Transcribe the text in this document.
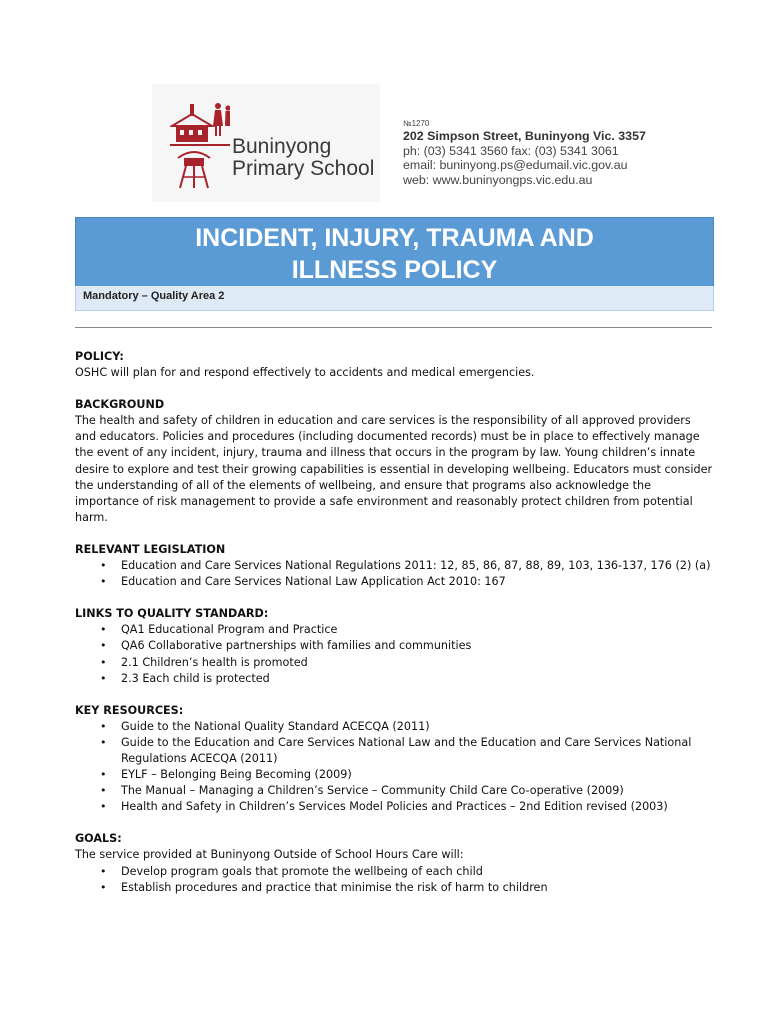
Buninyong
Primary School
№1270
202 Simpson Street, Buninyong Vic. 3357
ph: (03) 5341 3560 fax: (03) 5341 3061
email: buninyong.ps@edumail.vic.gov.au
web: www.buninyongps.vic.edu.au
INCIDENT, INJURY, TRAUMA AND
ILLNESS POLICY
Mandatory – Quality Area 2
POLICY:

OSHC will plan for and respond effectively to accidents and medical emergencies.

BACKGROUND

The health and safety of children in education and care services is the responsibility of all approved providers and educators. Policies and procedures (including documented records) must be in place to effectively manage the event of any incident, injury, trauma and illness that occurs in the program by law. Young children’s innate desire to explore and test their growing capabilities is essential in developing wellbeing. Educators must consider the understanding of all of the elements of wellbeing, and ensure that programs also acknowledge the importance of risk management to provide a safe environment and reasonably protect children from potential harm.

RELEVANT LEGISLATION
• Education and Care Services National Regulations 2011: 12, 85, 86, 87, 88, 89, 103, 136-137, 176 (2) (a)
• Education and Care Services National Law Application Act 2010: 167
LINKS TO QUALITY STANDARD:
• QA1 Educational Program and Practice
• QA6 Collaborative partnerships with families and communities
• 2.1 Children’s health is promoted
• 2.3 Each child is protected
KEY RESOURCES:
• Guide to the National Quality Standard ACECQA (2011)
• Guide to the Education and Care Services National Law and the Education and Care Services National Regulations ACECQA (2011)
• EYLF – Belonging Being Becoming (2009)
• The Manual – Managing a Children’s Service – Community Child Care Co-operative (2009)
• Health and Safety in Children’s Services Model Policies and Practices – 2nd Edition revised (2003)
GOALS:

The service provided at Buninyong Outside of School Hours Care will:

• Develop program goals that promote the wellbeing of each child
• Establish procedures and practice that minimise the risk of harm to children
